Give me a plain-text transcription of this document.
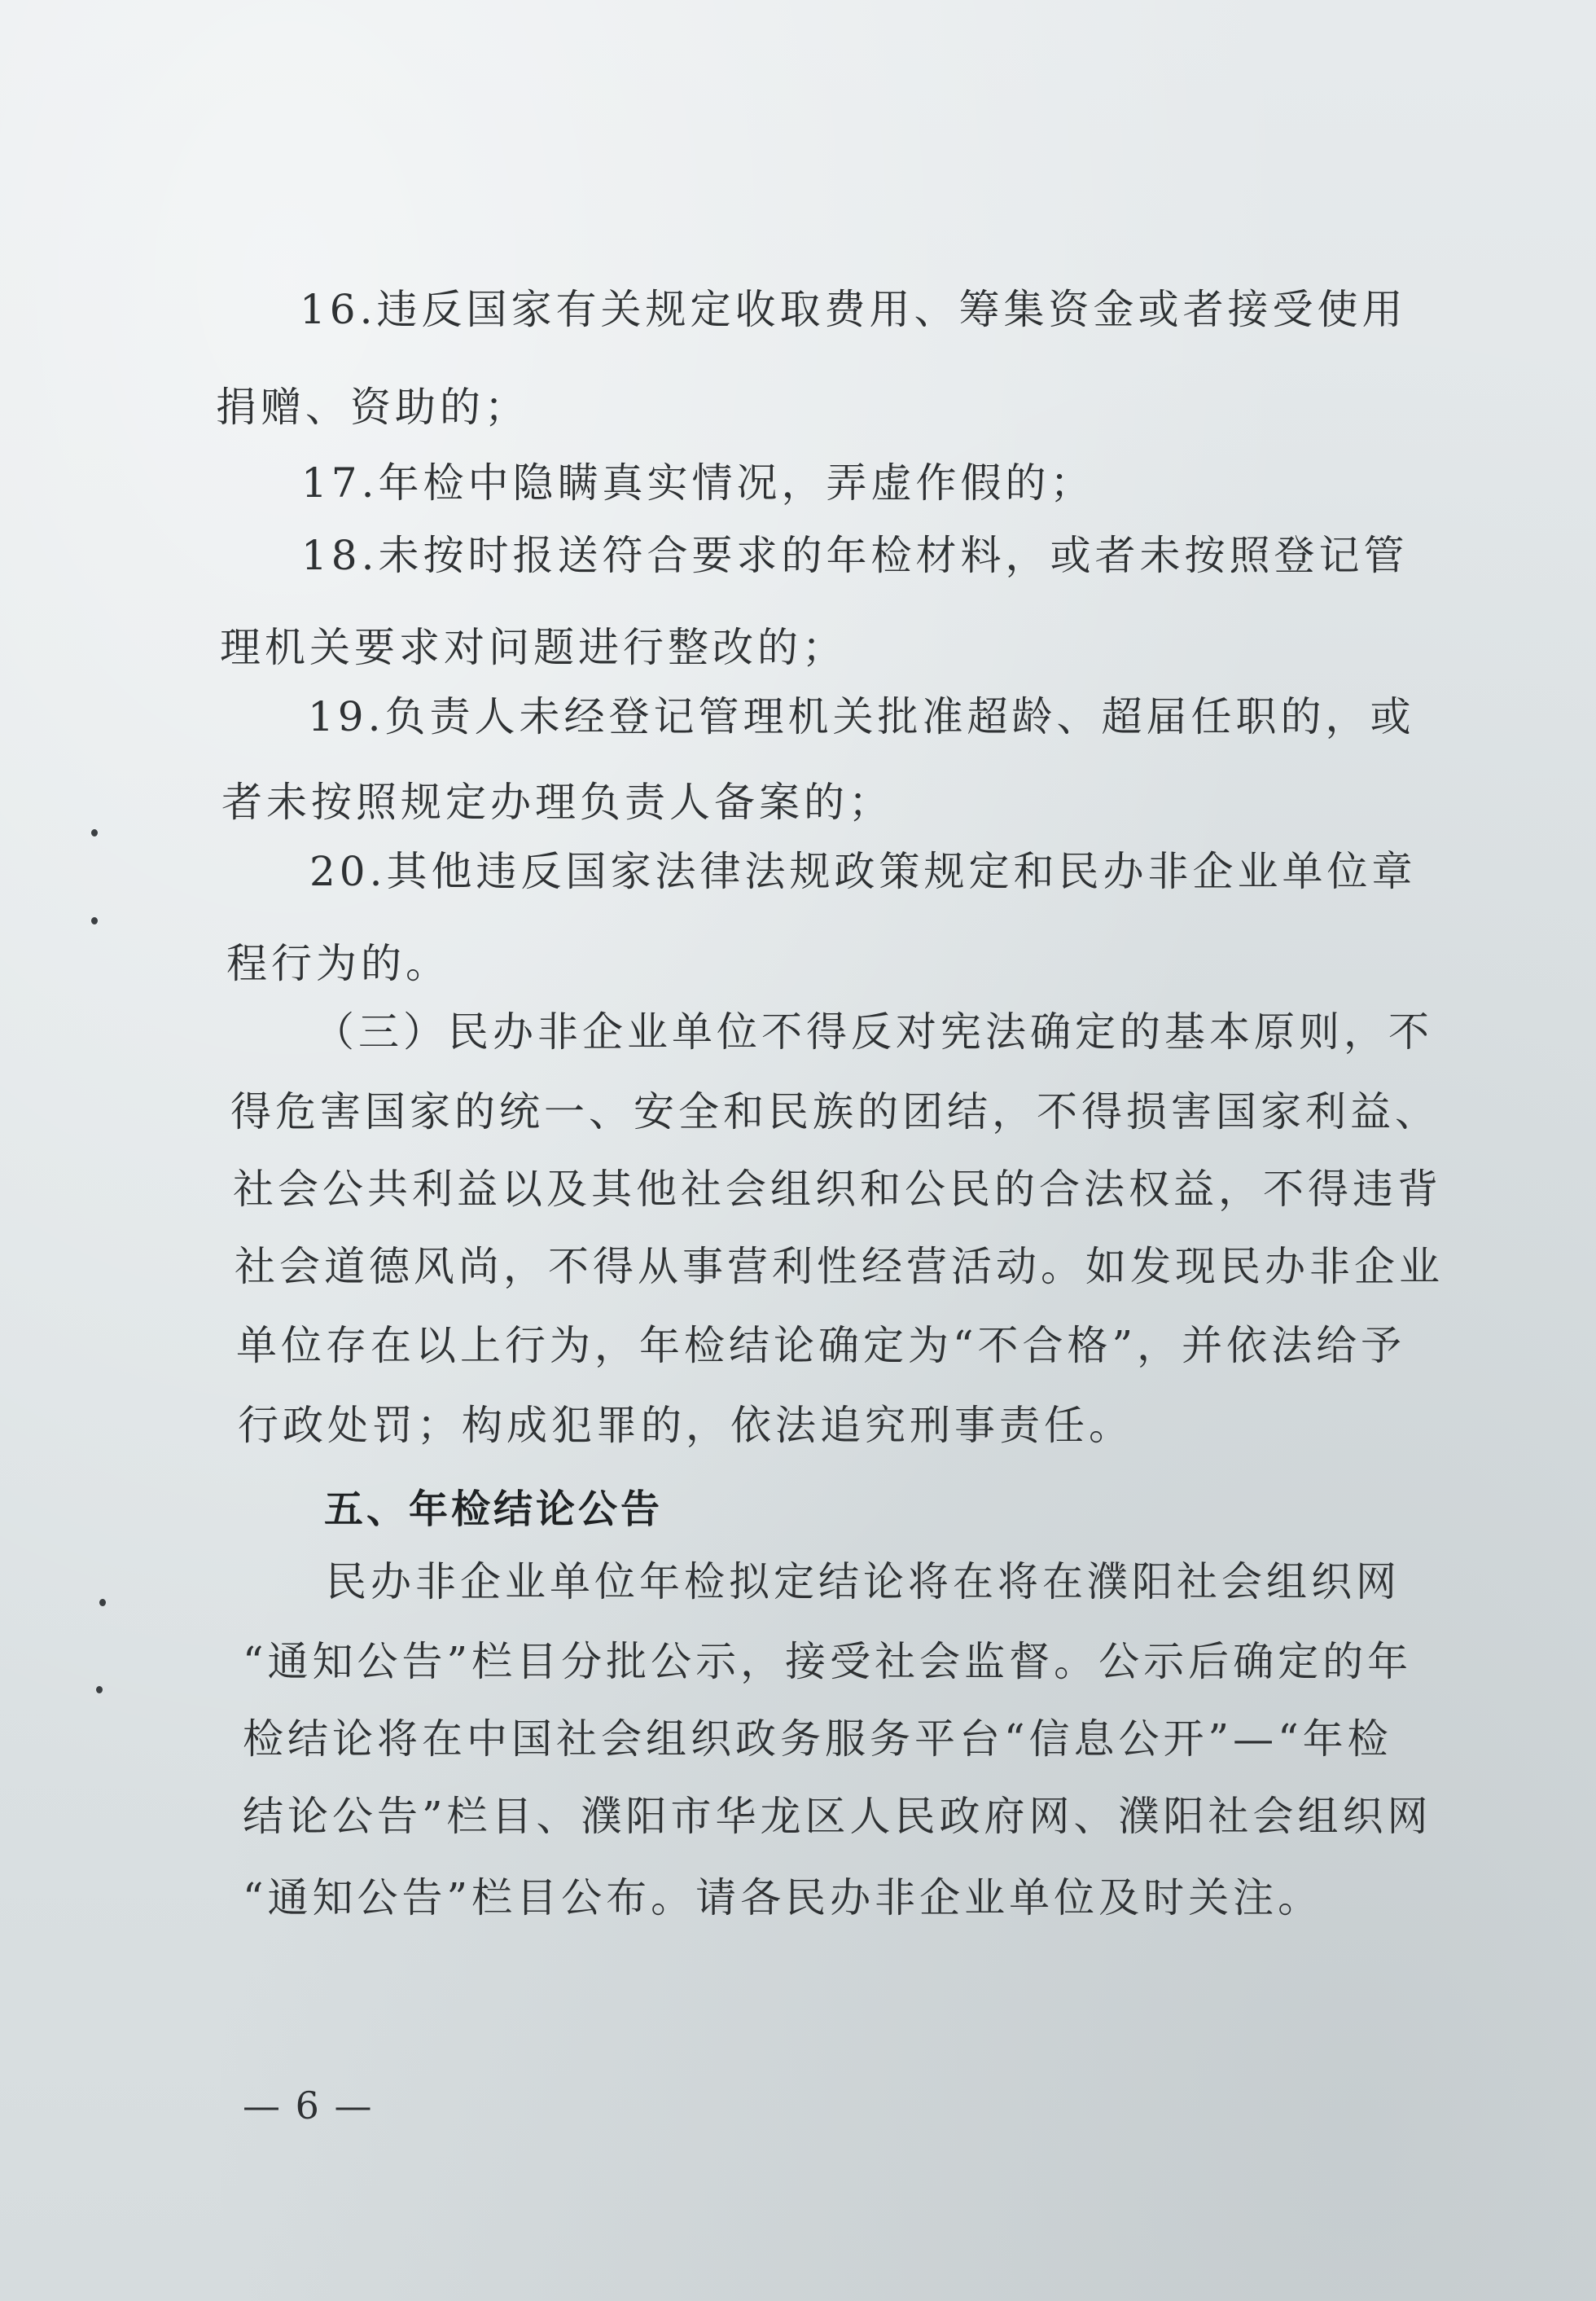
16.违反国家有关规定收取费用、筹集资金或者接受使用

捐赠、资助的；

17.年检中隐瞒真实情况，弄虚作假的；

18.未按时报送符合要求的年检材料，或者未按照登记管

理机关要求对问题进行整改的；

19.负责人未经登记管理机关批准超龄、超届任职的，或

者未按照规定办理负责人备案的；

20.其他违反国家法律法规政策规定和民办非企业单位章

程行为的。

（三）民办非企业单位不得反对宪法确定的基本原则，不

得危害国家的统一、安全和民族的团结，不得损害国家利益、

社会公共利益以及其他社会组织和公民的合法权益，不得违背

社会道德风尚，不得从事营利性经营活动。如发现民办非企业

单位存在以上行为，年检结论确定为“不合格”，并依法给予

行政处罚；构成犯罪的，依法追究刑事责任。

五、年检结论公告

民办非企业单位年检拟定结论将在将在濮阳社会组织网

“通知公告”栏目分批公示，接受社会监督。公示后确定的年

检结论将在中国社会组织政务服务平台“信息公开”—“年检

结论公告”栏目、濮阳市华龙区人民政府网、濮阳社会组织网

“通知公告”栏目公布。请各民办非企业单位及时关注。

— 6 —
